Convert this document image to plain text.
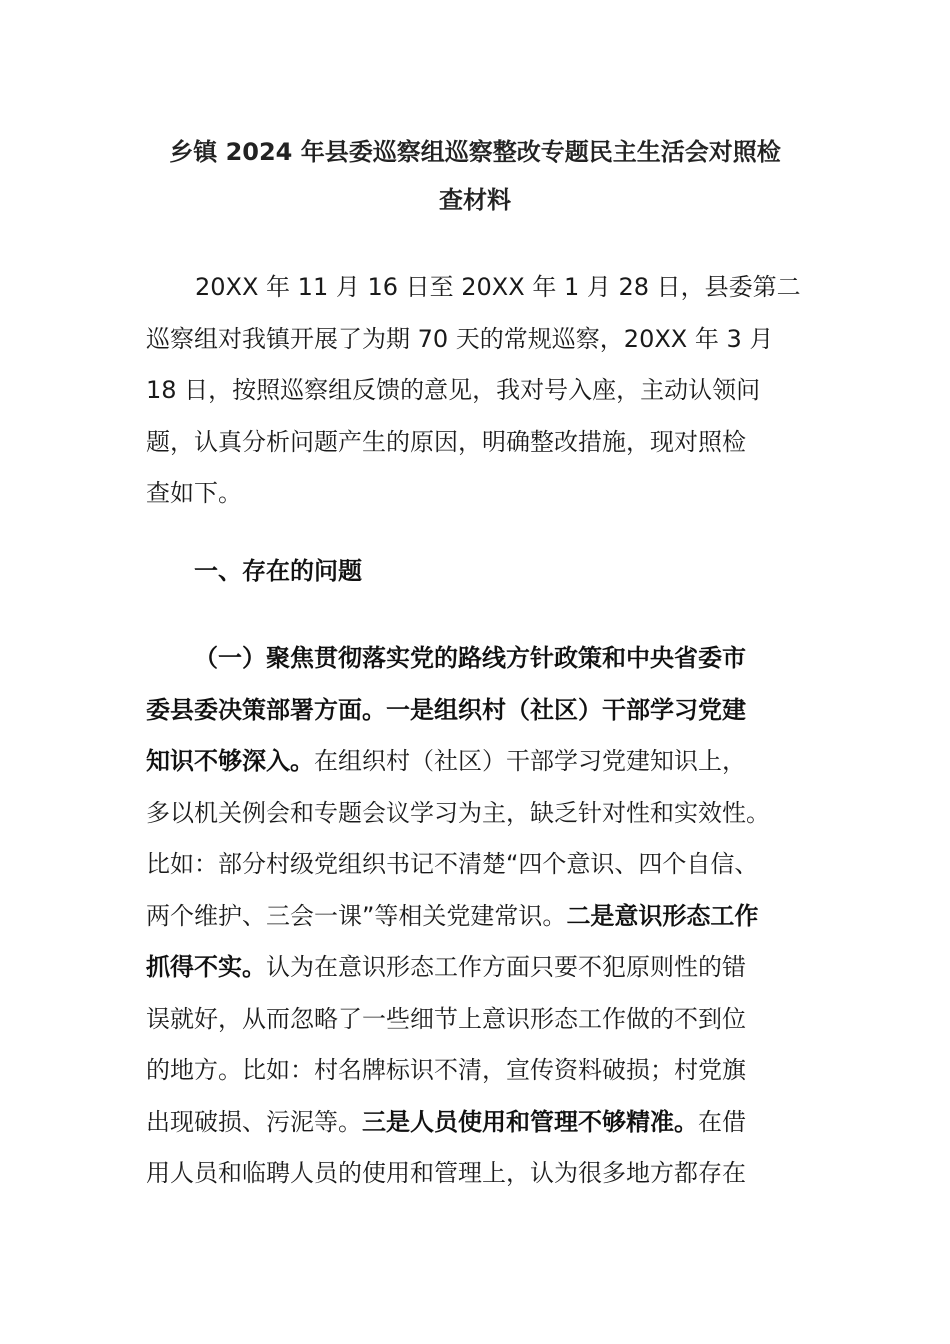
乡镇 2024 年县委巡察组巡察整改专题民主生活会对照检
查材料
20XX 年 11 月 16 日至 20XX 年 1 月 28 日，县委第二
巡察组对我镇开展了为期 70 天的常规巡察，20XX 年 3 月
18 日，按照巡察组反馈的意见，我对号入座，主动认领问
题，认真分析问题产生的原因，明确整改措施，现对照检
查如下。
一、存在的问题
（一）聚焦贯彻落实党的路线方针政策和中央省委市
委县委决策部署方面。一是组织村（社区）干部学习党建
知识不够深入。在组织村（社区）干部学习党建知识上，
多以机关例会和专题会议学习为主，缺乏针对性和实效性。
比如：部分村级党组织书记不清楚“四个意识、四个自信、
两个维护、三会一课”等相关党建常识。二是意识形态工作
抓得不实。认为在意识形态工作方面只要不犯原则性的错
误就好，从而忽略了一些细节上意识形态工作做的不到位
的地方。比如：村名牌标识不清，宣传资料破损；村党旗
出现破损、污泥等。三是人员使用和管理不够精准。在借
用人员和临聘人员的使用和管理上，认为很多地方都存在
